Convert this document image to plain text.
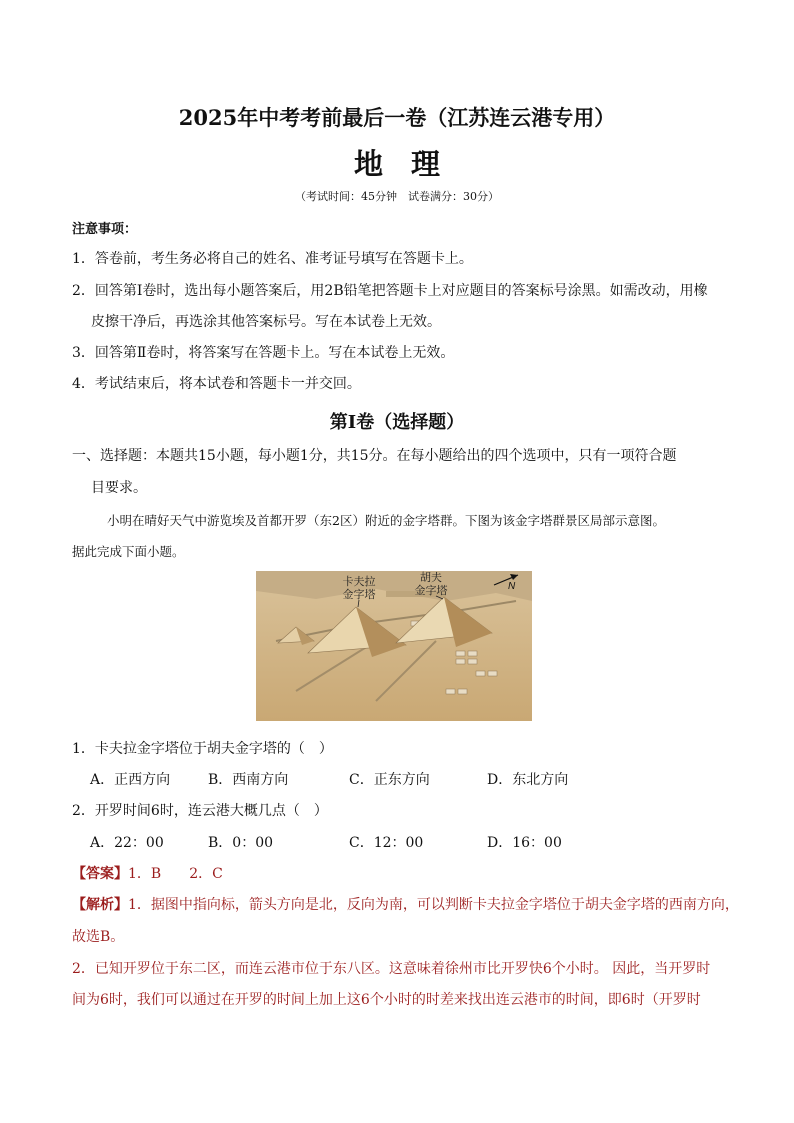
2025年中考考前最后一卷（江苏连云港专用）
地理
（考试时间：45分钟　试卷满分：30分）
注意事项：
1．答卷前，考生务必将自己的姓名、准考证号填写在答题卡上。
2．回答第Ⅰ卷时，选出每小题答案后，用2B铅笔把答题卡上对应题目的答案标号涂黑。如需改动，用橡
皮擦干净后，再选涂其他答案标号。写在本试卷上无效。
3．回答第Ⅱ卷时，将答案写在答题卡上。写在本试卷上无效。
4．考试结束后，将本试卷和答题卡一并交回。
第Ⅰ卷（选择题）
一、选择题：本题共15小题，每小题1分，共15分。在每小题给出的四个选项中，只有一项符合题
目要求。
小明在晴好天气中游览埃及首都开罗（东2区）附近的金字塔群。下图为该金字塔群景区局部示意图。
据此完成下面小题。
卡夫拉
金字塔
胡夫
金字塔	N
1．卡夫拉金字塔位于胡夫金字塔的（　）
A．正西方向	B．西南方向	C．正东方向	D．东北方向
2．开罗时间6时，连云港大概几点（　）
A．22：00	B．0：00	C．12：00	D．16：00
【答案】1．B　　2．C
【解析】1．据图中指向标，箭头方向是北，反向为南，可以判断卡夫拉金字塔位于胡夫金字塔的西南方向，
故选B。
2．已知开罗位于东二区，而连云港市位于东八区。这意味着徐州市比开罗快6个小时。 因此，当开罗时
间为6时，我们可以通过在开罗的时间上加上这6个小时的时差来找出连云港市的时间，即6时（开罗时
